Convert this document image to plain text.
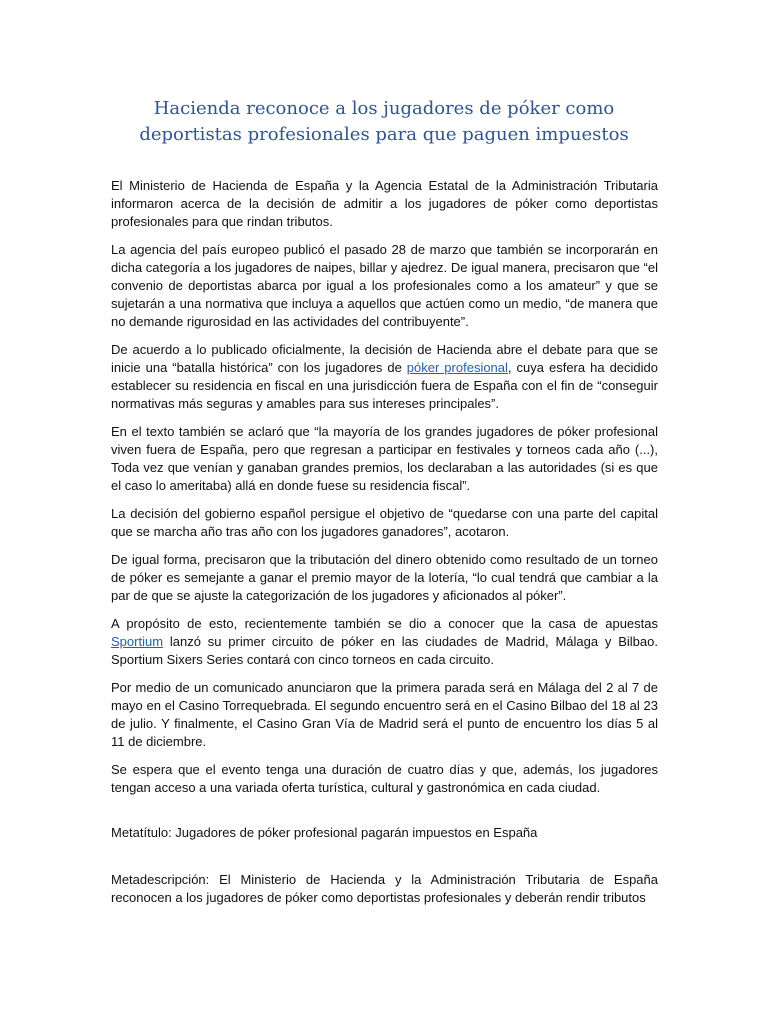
Hacienda reconoce a los jugadores de póker como deportistas profesionales para que paguen impuestos

El Ministerio de Hacienda de España y la Agencia Estatal de la Administración Tributaria informaron acerca de la decisión de admitir a los jugadores de póker como deportistas profesionales para que rindan tributos.

La agencia del país europeo publicó el pasado 28 de marzo que también se incorporarán en dicha categoría a los jugadores de naipes, billar y ajedrez. De igual manera, precisaron que “el convenio de deportistas abarca por igual a los profesionales como a los amateur” y que se sujetarán a una normativa que incluya a aquellos que actúen como un medio, “de manera que no demande rigurosidad en las actividades del contribuyente”.

De acuerdo a lo publicado oficialmente, la decisión de Hacienda abre el debate para que se inicie una “batalla histórica” con los jugadores de póker profesional, cuya esfera ha decidido establecer su residencia en fiscal en una jurisdicción fuera de España con el fin de “conseguir normativas más seguras y amables para sus intereses principales”.

En el texto también se aclaró que “la mayoría de los grandes jugadores de póker profesional viven fuera de España, pero que regresan a participar en festivales y torneos cada año (...), Toda vez que venían y ganaban grandes premios, los declaraban a las autoridades (si es que el caso lo ameritaba) allá en donde fuese su residencia fiscal”.

La decisión del gobierno español persigue el objetivo de “quedarse con una parte del capital que se marcha año tras año con los jugadores ganadores”, acotaron.

De igual forma, precisaron que la tributación del dinero obtenido como resultado de un torneo de póker es semejante a ganar el premio mayor de la lotería, “lo cual tendrá que cambiar a la par de que se ajuste la categorización de los jugadores y aficionados al póker”.

A propósito de esto, recientemente también se dio a conocer que la casa de apuestas Sportium lanzó su primer circuito de póker en las ciudades de Madrid, Málaga y Bilbao. Sportium Sixers Series contará con cinco torneos en cada circuito.

Por medio de un comunicado anunciaron que la primera parada será en Málaga del 2 al 7 de mayo en el Casino Torrequebrada. El segundo encuentro será en el Casino Bilbao del 18 al 23 de julio. Y finalmente, el Casino Gran Vía de Madrid será el punto de encuentro los días 5 al 11 de diciembre.

Se espera que el evento tenga una duración de cuatro días y que, además, los jugadores tengan acceso a una variada oferta turística, cultural y gastronómica en cada ciudad.

Metatítulo: Jugadores de póker profesional pagarán impuestos en España

Metadescripción: El Ministerio de Hacienda y la Administración Tributaria de España reconocen a los jugadores de póker como deportistas profesionales y deberán rendir tributos
